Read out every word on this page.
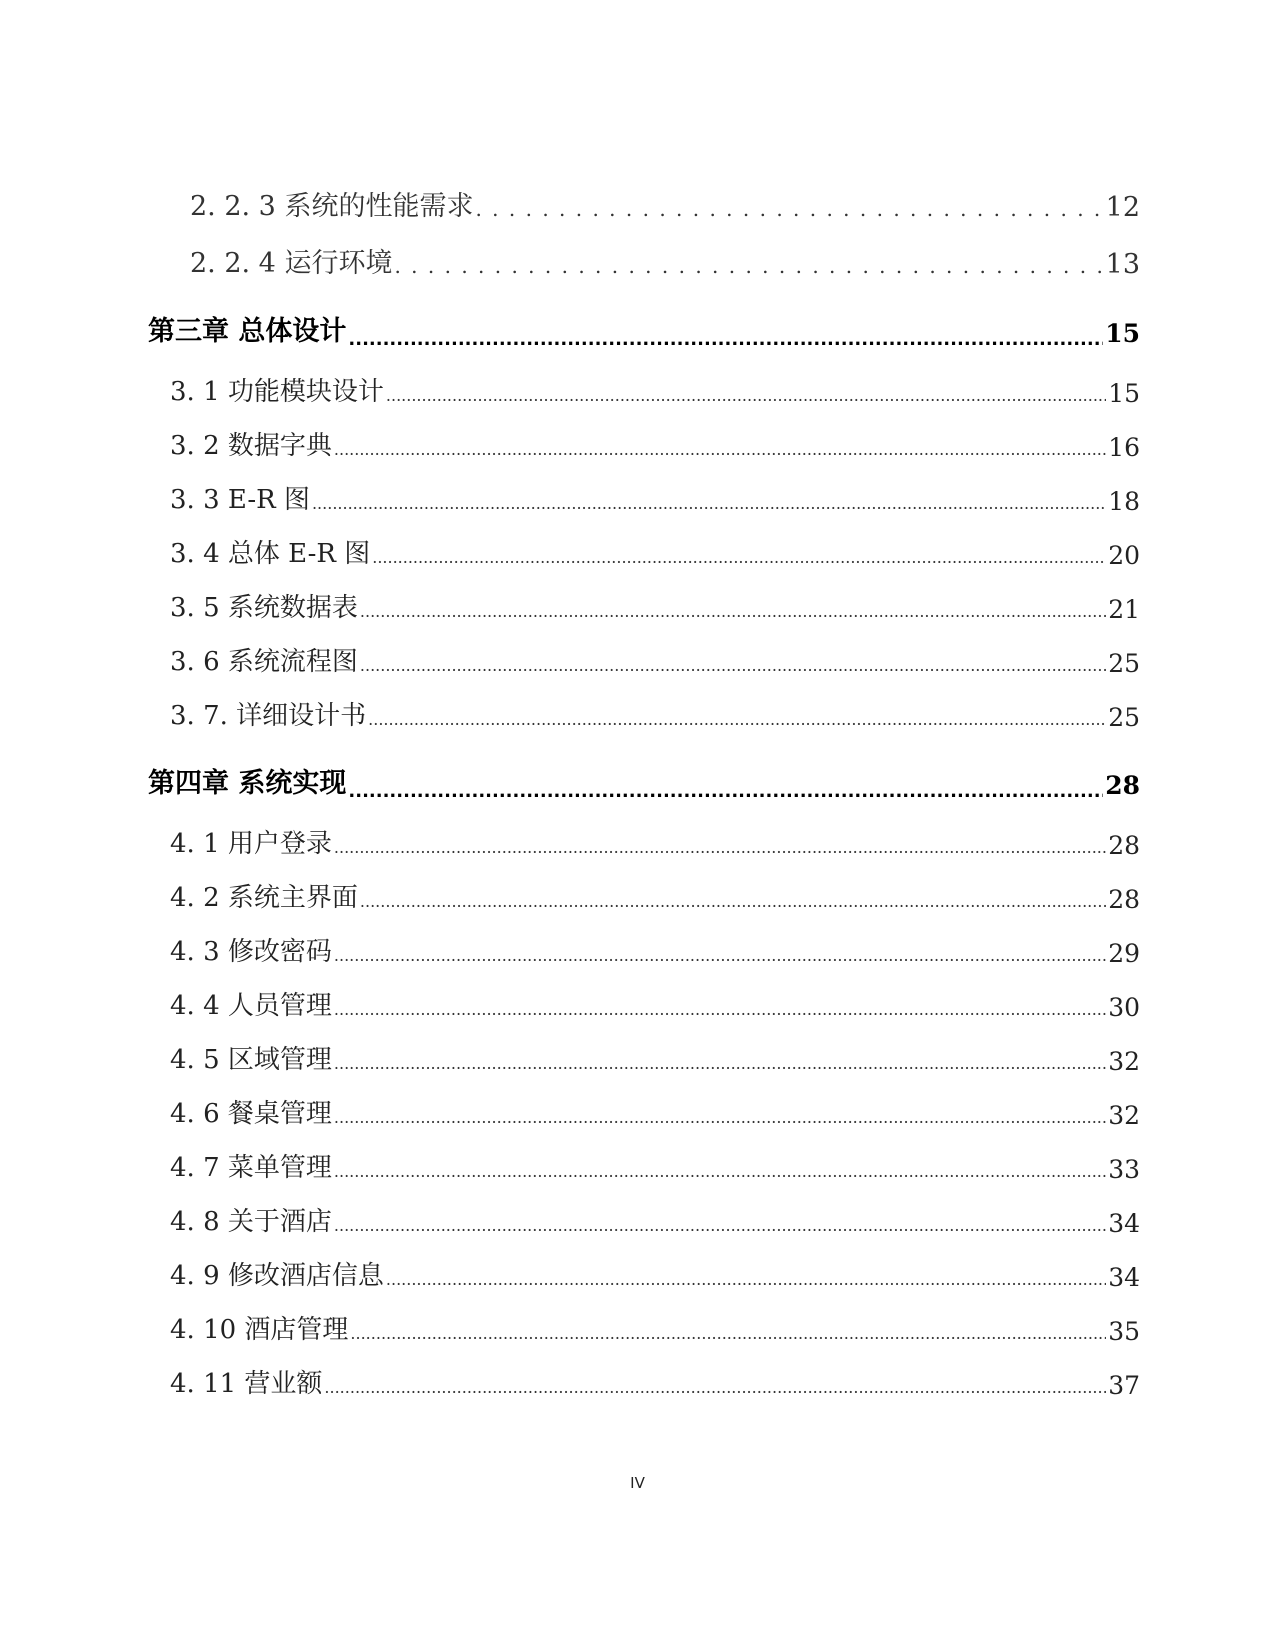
2. 2. 3 系统的性能需求 . . .	12
2. 2. 4 运行环境 . . .	13
第三章 总体设计 .....	15
3. 1 功能模块设计 .....	15
3. 2 数据字典 .....	16
3. 3 E-R 图 .....	18
3. 4 总体 E-R 图 .....	20
3. 5 系统数据表 .....	21
3. 6 系统流程图 .....	25
3. 7. 详细设计书 .....	25
第四章 系统实现 .....	28
4. 1 用户登录 .....	28
4. 2 系统主界面 .....	28
4. 3 修改密码 .....	29
4. 4 人员管理 .....	30
4. 5 区域管理 .....	32
4. 6 餐桌管理 .....	32
4. 7 菜单管理 .....	33
4. 8 关于酒店 .....	34
4. 9 修改酒店信息 .....	34
4. 10 酒店管理 .....	35
4. 11 营业额 .....	37
IV
